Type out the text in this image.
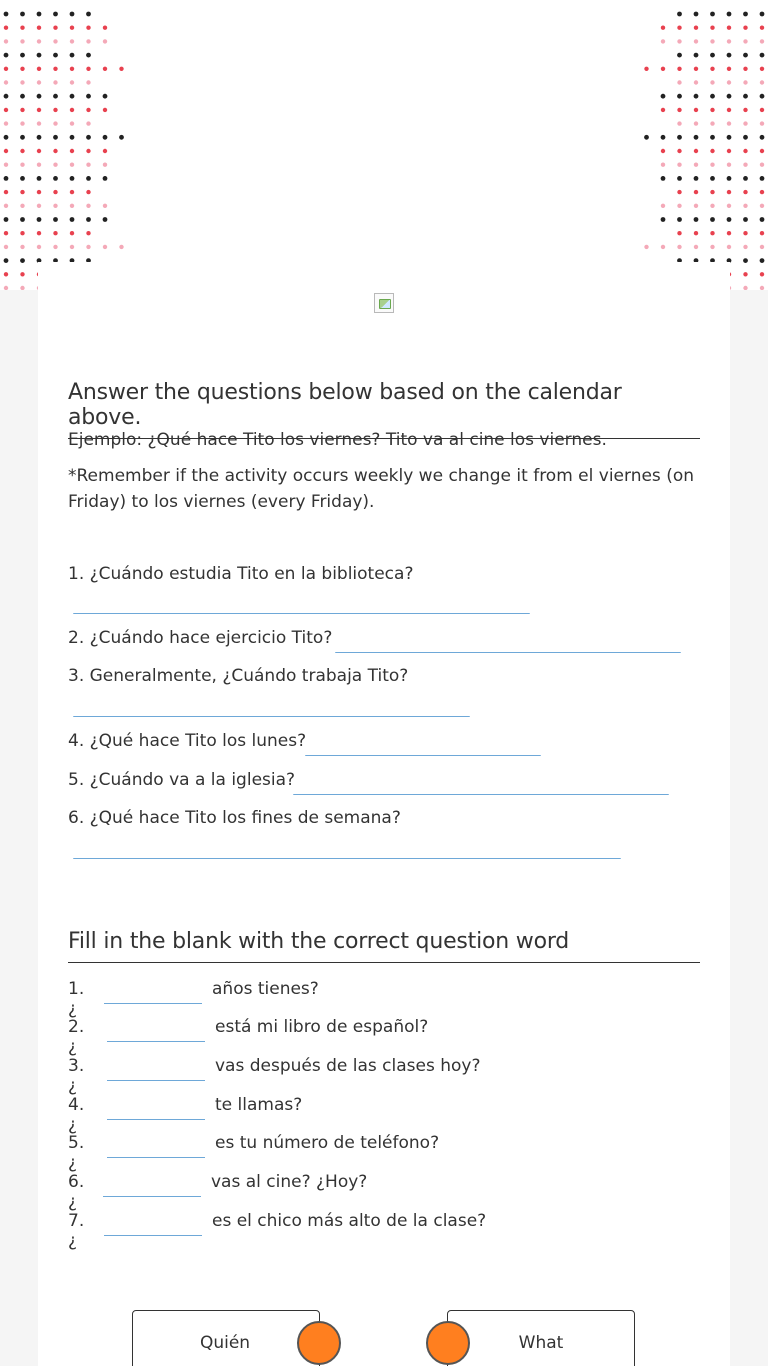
Answer the questions below based on the calendar above.
Ejemplo: ¿Qué hace Tito los viernes? Tito va al cine los viernes.
*Remember if the activity occurs weekly we change it from el viernes (on
Friday) to los viernes (every Friday).
1. ¿Cuándo estudia Tito en la biblioteca?
2. ¿Cuándo hace ejercicio Tito?
3. Generalmente, ¿Cuándo trabaja Tito?
4. ¿Qué hace Tito los lunes?
5. ¿Cuándo va a la iglesia?
6. ¿Qué hace Tito los fines de semana?
Fill in the blank with the correct question word
1. ¿
años tienes?
2. ¿
está mi libro de español?
3. ¿
vas después de las clases hoy?
4. ¿
te llamas?
5. ¿
es tu número de teléfono?
6.¿
vas al cine? ¿Hoy?
7. ¿
es el chico más alto de la clase?
Quién	What
